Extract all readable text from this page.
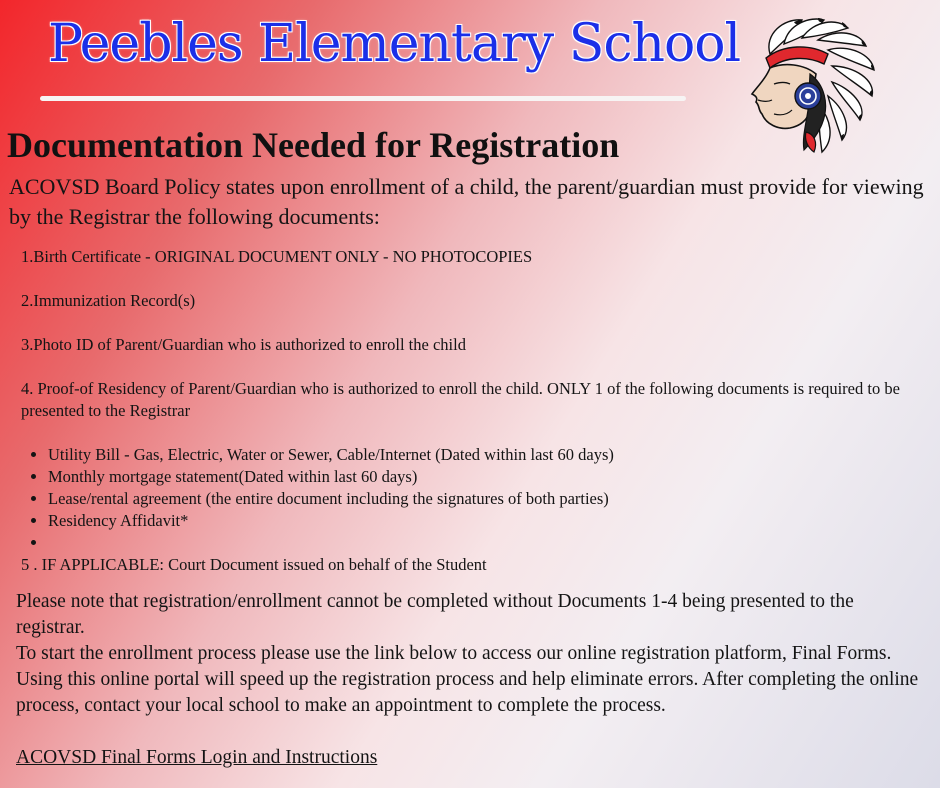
Peebles Elementary School
Documentation Needed for Registration

ACOVSD Board Policy states upon enrollment of a child, the parent/guardian must provide for viewing by the Registrar the following documents:

1.Birth Certificate - ORIGINAL DOCUMENT ONLY - NO PHOTOCOPIES

2.Immunization Record(s)

3.Photo ID of Parent/Guardian who is authorized to enroll the child

4. Proof-of Residency of Parent/Guardian who is authorized to enroll the child. ONLY 1 of the following documents is required to be presented to the Registrar

• Utility Bill - Gas, Electric, Water or Sewer, Cable/Internet (Dated within last 60 days)
• Monthly mortgage statement(Dated within last 60 days)
• Lease/rental agreement (the entire document including the signatures of both parties)
• Residency Affidavit*
•

5 . IF APPLICABLE: Court Document issued on behalf of the Student

Please note that registration/enrollment cannot be completed without Documents 1-4 being presented to the registrar.

To start the enrollment process please use the link below to access our online registration platform, Final Forms. Using this online portal will speed up the registration process and help eliminate errors. After completing the online process, contact your local school to make an appointment to complete the process.

ACOVSD Final Forms Login and Instructions
